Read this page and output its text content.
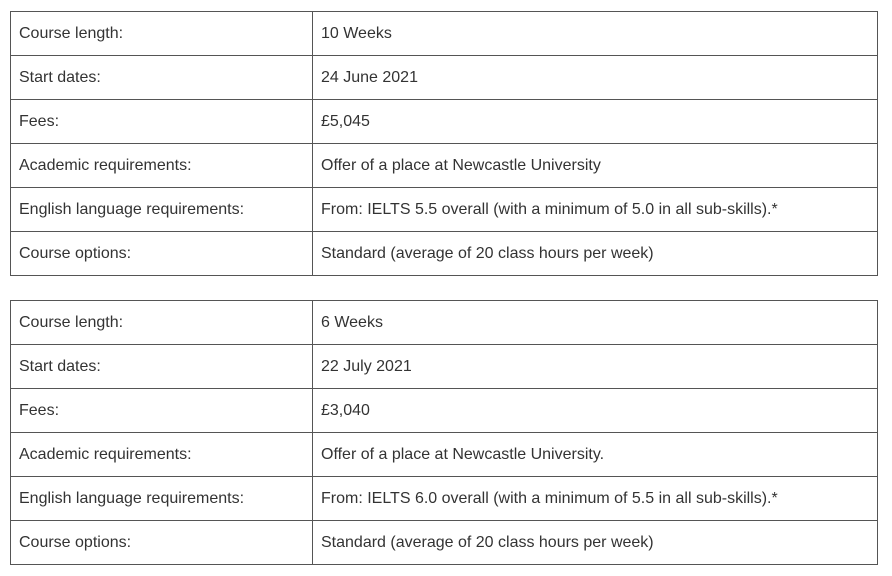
Course length:	10 Weeks
Start dates:	24 June 2021
Fees:	£5,045
Academic requirements:	Offer of a place at Newcastle University
English language requirements:	From: IELTS 5.5 overall (with a minimum of 5.0 in all sub-skills).*
Course options:	Standard (average of 20 class hours per week)
Course length:	6 Weeks
Start dates:	22 July 2021
Fees:	£3,040
Academic requirements:	Offer of a place at Newcastle University.
English language requirements:	From: IELTS 6.0 overall (with a minimum of 5.5 in all sub-skills).*
Course options:	Standard (average of 20 class hours per week)
